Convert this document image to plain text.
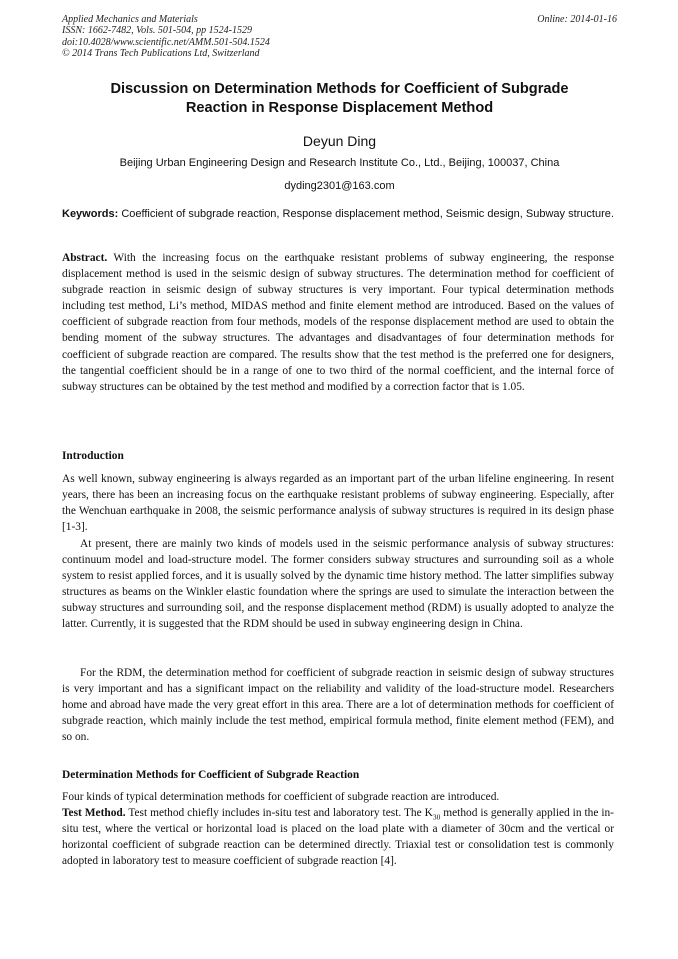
Applied Mechanics and Materials
ISSN: 1662-7482, Vols. 501-504, pp 1524-1529
doi:10.4028/www.scientific.net/AMM.501-504.1524
© 2014 Trans Tech Publications Ltd, Switzerland
Online: 2014-01-16
Discussion on Determination Methods for Coefficient of Subgrade
Reaction in Response Displacement Method
Deyun Ding
Beijing Urban Engineering Design and Research Institute Co., Ltd., Beijing, 100037, China
dyding2301@163.com
Keywords: Coefficient of subgrade reaction, Response displacement method, Seismic design, Subway structure.
Abstract. With the increasing focus on the earthquake resistant problems of subway engineering, the response displacement method is used in the seismic design of subway structures. The determination method for coefficient of subgrade reaction in seismic design of subway structures is very important. Four typical determination methods including test method, Li’s method, MIDAS method and finite element method are introduced. Based on the values of coefficient of subgrade reaction from four methods, models of the response displacement method are used to obtain the bending moment of the subway structures. The advantages and disadvantages of four determination methods for coefficient of subgrade reaction are compared. The results show that the test method is the preferred one for designers, the tangential coefficient should be in a range of one to two third of the normal coefficient, and the internal force of subway structures can be obtained by the test method and modified by a correction factor that is 1.05.
Introduction
As well known, subway engineering is always regarded as an important part of the urban lifeline engineering. In resent years, there has been an increasing focus on the earthquake resistant problems of subway engineering. Especially, after the Wenchuan earthquake in 2008, the seismic performance analysis of subway structures is required in its design phase [1-3].
At present, there are mainly two kinds of models used in the seismic performance analysis of subway structures: continuum model and load-structure model. The former considers subway structures and surrounding soil as a whole system to resist applied forces, and it is usually solved by the dynamic time history method. The latter simplifies subway structures as beams on the Winkler elastic foundation where the springs are used to simulate the interaction between the subway structures and surrounding soil, and the response displacement method (RDM) is usually adopted to analyze the latter. Currently, it is suggested that the RDM should be used in subway engineering design in China.
For the RDM, the determination method for coefficient of subgrade reaction in seismic design of subway structures is very important and has a significant impact on the reliability and validity of the load-structure model. Researchers home and abroad have made the very great effort in this area. There are a lot of determination methods for coefficient of subgrade reaction, which mainly include the test method, empirical formula method, finite element method (FEM), and so on.
Determination Methods for Coefficient of Subgrade Reaction
Four kinds of typical determination methods for coefficient of subgrade reaction are introduced.
Test Method. Test method chiefly includes in-situ test and laboratory test. The $K_{30}$ method is generally applied in the in-situ test, where the vertical or horizontal load is placed on the load plate with a diameter of 30cm and the vertical or horizontal coefficient of subgrade reaction can be determined directly. Triaxial test or consolidation test is commonly adopted in laboratory test to measure coefficient of subgrade reaction [4].
